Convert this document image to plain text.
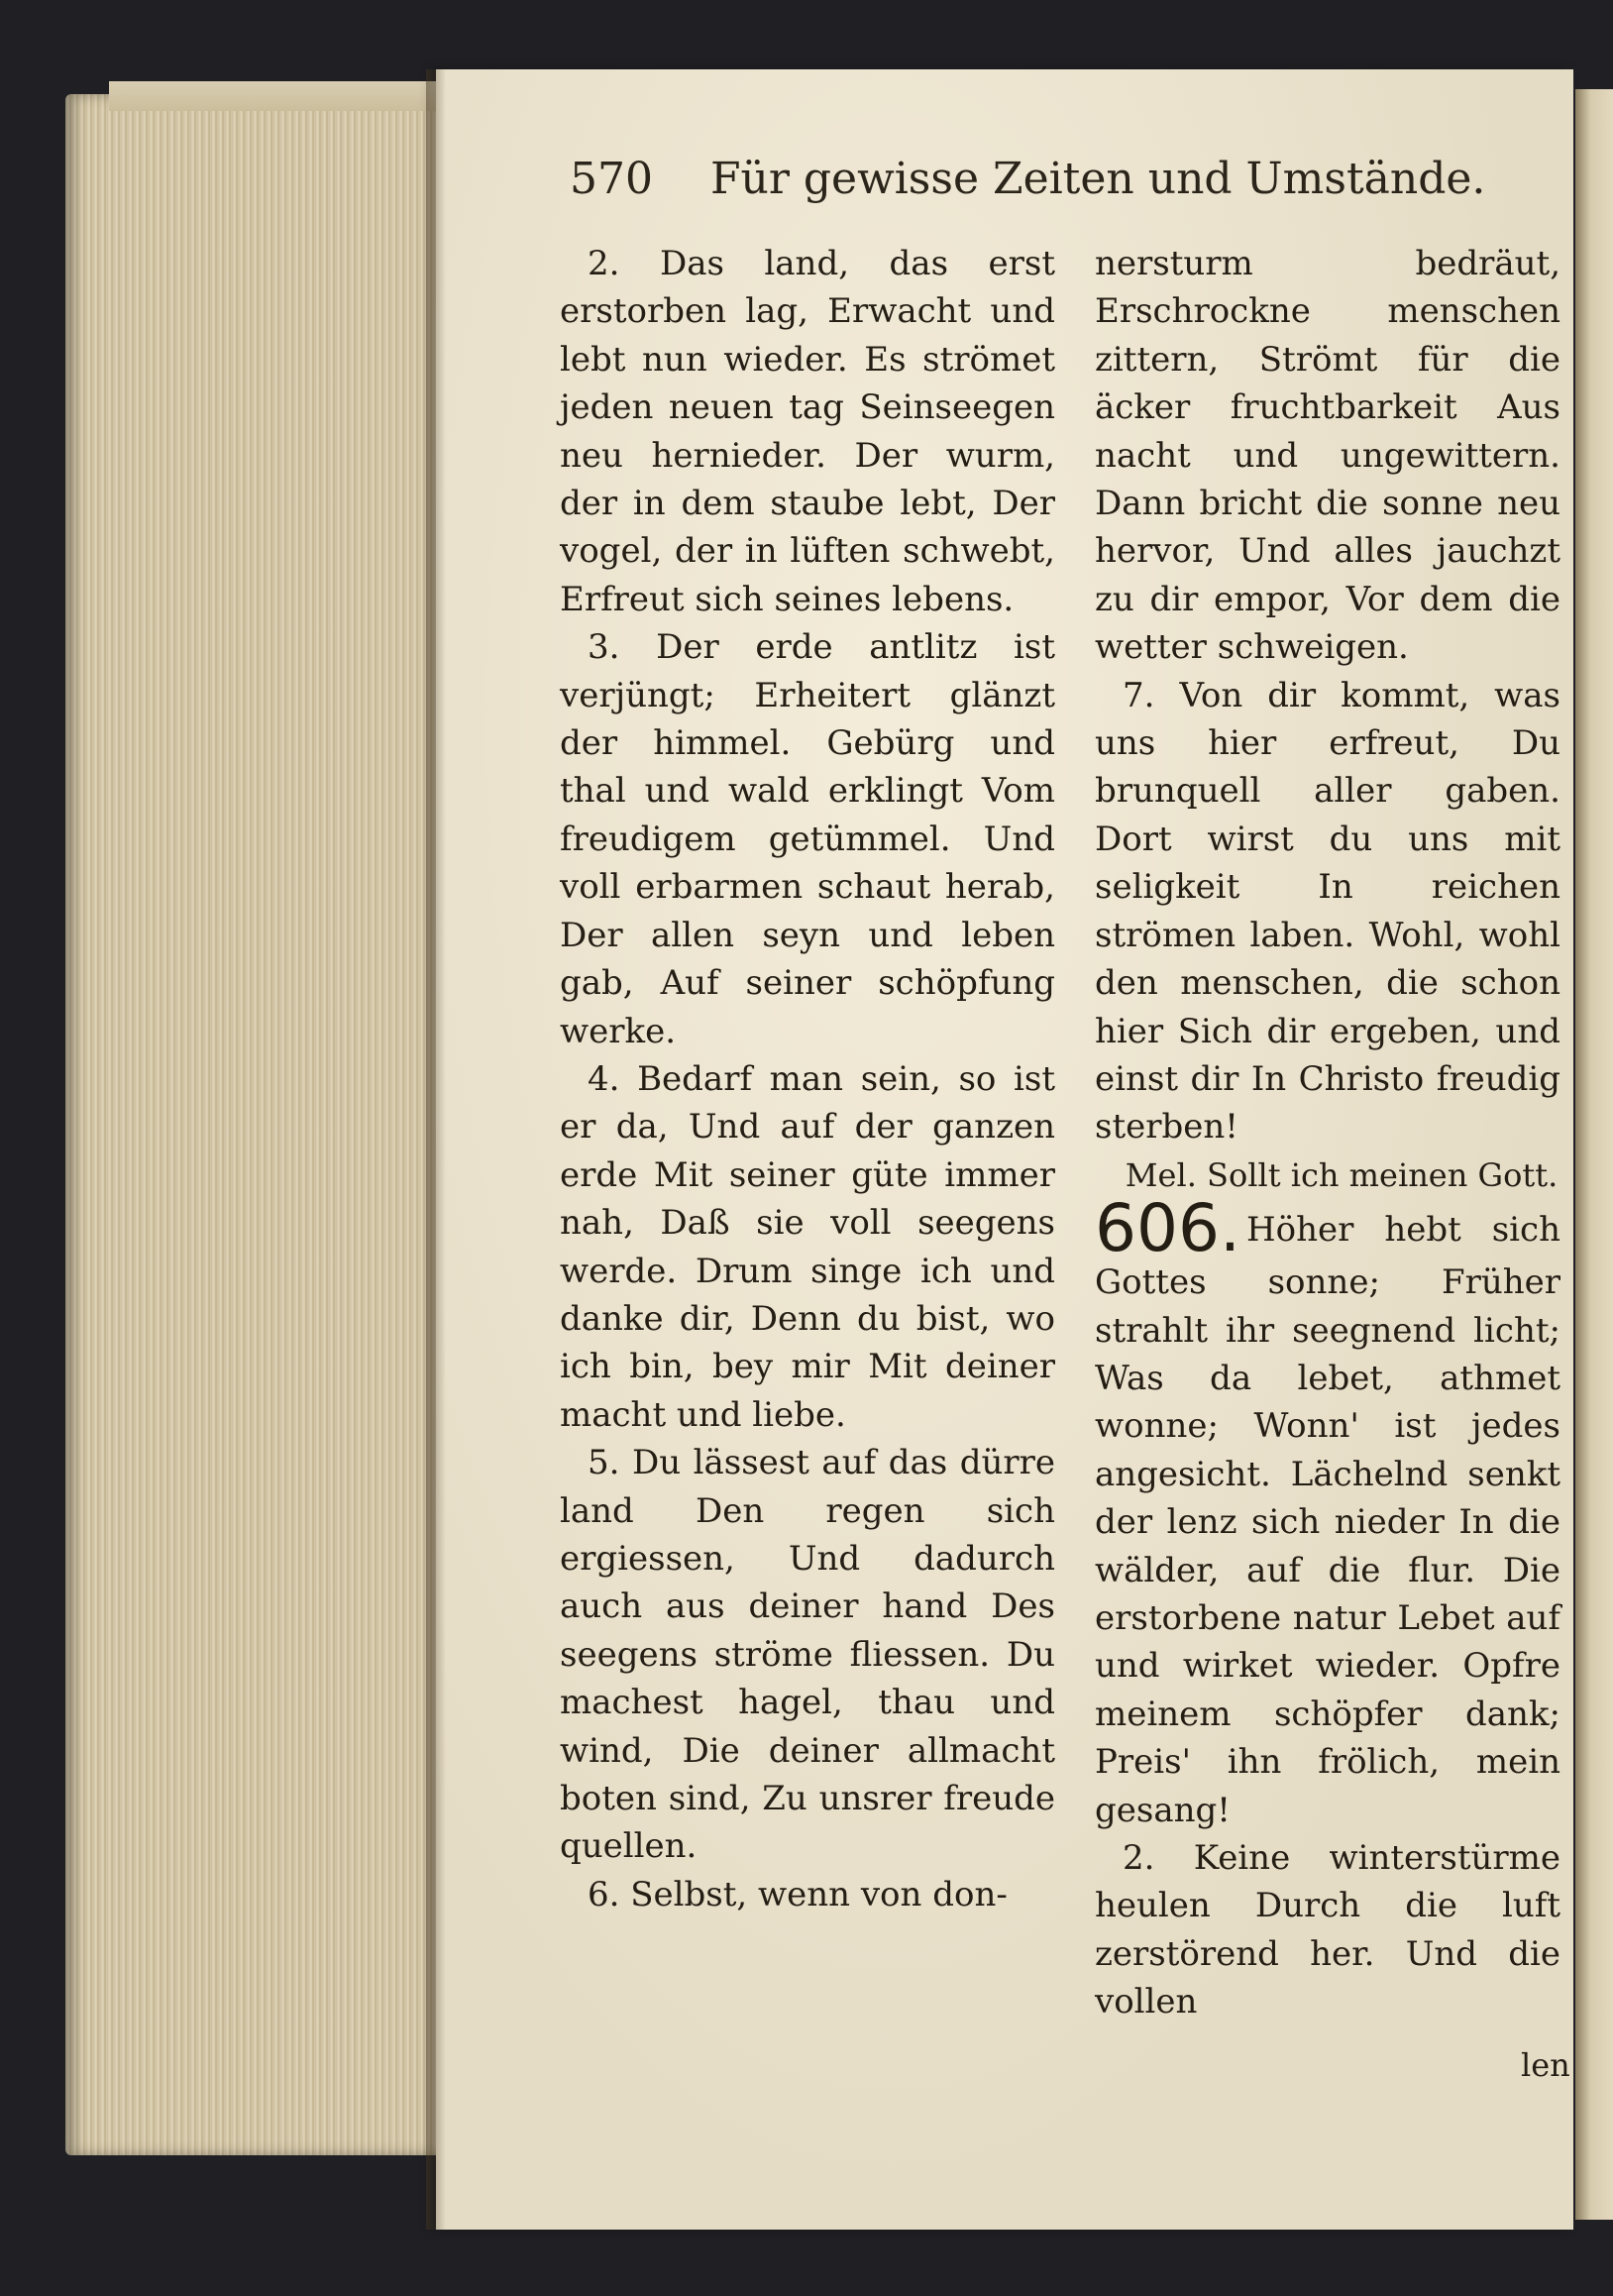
570 Für gewisse Zeiten und Umstände.

2. Das land, das erst erstorben lag, Erwacht und lebt nun wieder. Es strömet jeden neuen tag Seinseegen neu hernieder. Der wurm, der in dem staube lebt, Der vogel, der in lüften schwebt, Erfreut sich seines lebens.

3. Der erde antlitz ist verjüngt; Erheitert glänzt der himmel. Gebürg und thal und wald erklingt Vom freudigem getümmel. Und voll erbarmen schaut herab, Der allen seyn und leben gab, Auf seiner schöpfung werke.

4. Bedarf man sein, so ist er da, Und auf der ganzen erde Mit seiner güte immer nah, Daß sie voll seegens werde. Drum singe ich und danke dir, Denn du bist, wo ich bin, bey mir Mit deiner macht und liebe.

5. Du lässest auf das dürre land Den regen sich ergiessen, Und dadurch auch aus deiner hand Des seegens ströme fliessen. Du machest hagel, thau und wind, Die deiner allmacht boten sind, Zu unsrer freude quellen.

6. Selbst, wenn von don-

nersturm bedräut, Erschrockne menschen zittern, Strömt für die äcker fruchtbarkeit Aus nacht und ungewittern. Dann bricht die sonne neu hervor, Und alles jauchzt zu dir empor, Vor dem die wetter schweigen.

7. Von dir kommt, was uns hier erfreut, Du brunquell aller gaben. Dort wirst du uns mit seligkeit In reichen strömen laben. Wohl, wohl den menschen, die schon hier Sich dir ergeben, und einst dir In Christo freudig sterben!

Mel. Sollt ich meinen Gott.

606. Höher hebt sich Gottes sonne; Früher strahlt ihr seegnend licht; Was da lebet, athmet wonne; Wonn' ist jedes angesicht. Lächelnd senkt der lenz sich nieder In die wälder, auf die flur. Die erstorbene natur Lebet auf und wirket wieder. Opfre meinem schöpfer dank; Preis' ihn frölich, mein gesang!

2. Keine winterstürme heulen Durch die luft zerstörend her. Und die vollen

len
